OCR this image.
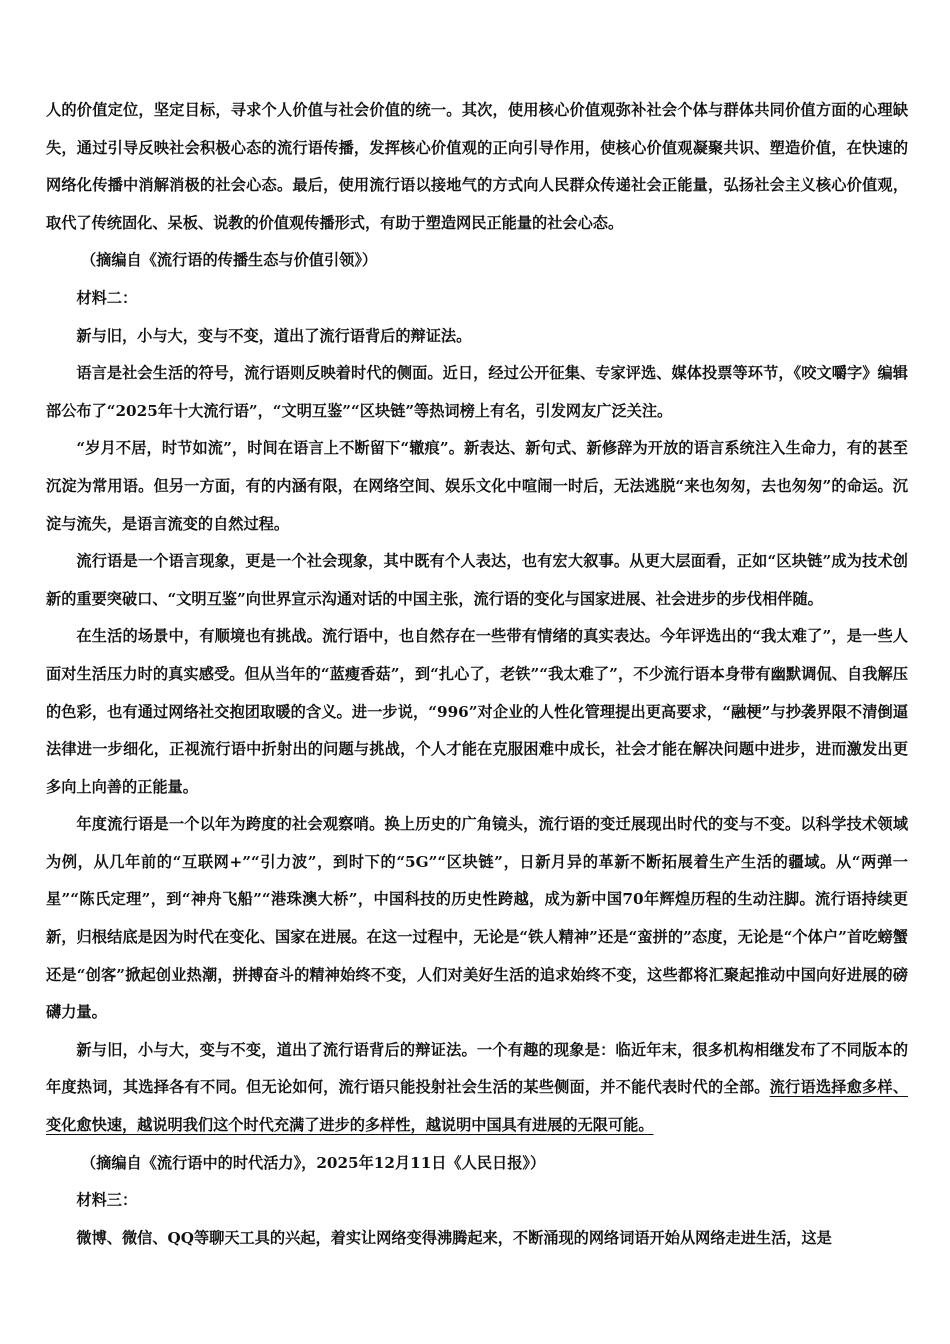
人的价值定位，坚定目标，寻求个人价值与社会价值的统一。其次，使用核心价值观弥补社会个体与群体共同价值方面的心理缺失，通过引导反映社会积极心态的流行语传播，发挥核心价值观的正向引导作用，使核心价值观凝聚共识、塑造价值，在快速的网络化传播中消解消极的社会心态。最后，使用流行语以接地气的方式向人民群众传递社会正能量，弘扬社会主义核心价值观，取代了传统固化、呆板、说教的价值观传播形式，有助于塑造网民正能量的社会心态。

（摘编自《流行语的传播生态与价值引领》）

材料二：

新与旧，小与大，变与不变，道出了流行语背后的辩证法。

语言是社会生活的符号，流行语则反映着时代的侧面。近日，经过公开征集、专家评选、媒体投票等环节，《咬文嚼字》编辑部公布了“2025年十大流行语”，“文明互鉴”“区块链”等热词榜上有名，引发网友广泛关注。

“岁月不居，时节如流”，时间在语言上不断留下“辙痕”。新表达、新句式、新修辞为开放的语言系统注入生命力，有的甚至沉淀为常用语。但另一方面，有的内涵有限，在网络空间、娱乐文化中喧闹一时后，无法逃脱“来也匆匆，去也匆匆”的命运。沉淀与流失，是语言流变的自然过程。

流行语是一个语言现象，更是一个社会现象，其中既有个人表达，也有宏大叙事。从更大层面看，正如“区块链”成为技术创新的重要突破口、“文明互鉴”向世界宣示沟通对话的中国主张，流行语的变化与国家进展、社会进步的步伐相伴随。

在生活的场景中，有顺境也有挑战。流行语中，也自然存在一些带有情绪的真实表达。今年评选出的“我太难了”，是一些人面对生活压力时的真实感受。但从当年的“蓝瘦香菇”，到“扎心了，老铁”“我太难了”，不少流行语本身带有幽默调侃、自我解压的色彩，也有通过网络社交抱团取暖的含义。进一步说，“996”对企业的人性化管理提出更高要求，“融梗”与抄袭界限不清倒逼法律进一步细化，正视流行语中折射出的问题与挑战，个人才能在克服困难中成长，社会才能在解决问题中进步，进而激发出更多向上向善的正能量。

年度流行语是一个以年为跨度的社会观察哨。换上历史的广角镜头，流行语的变迁展现出时代的变与不变。以科学技术领域为例，从几年前的“互联网+”“引力波”，到时下的“5G”“区块链”，日新月异的革新不断拓展着生产生活的疆域。从“两弹一星”“陈氏定理”，到“神舟飞船”“港珠澳大桥”，中国科技的历史性跨越，成为新中国70年辉煌历程的生动注脚。流行语持续更新，归根结底是因为时代在变化、国家在进展。在这一过程中，无论是“铁人精神”还是“蛮拼的”态度，无论是“个体户”首吃螃蟹还是“创客”掀起创业热潮，拼搏奋斗的精神始终不变，人们对美好生活的追求始终不变，这些都将汇聚起推动中国向好进展的磅礴力量。

新与旧，小与大，变与不变，道出了流行语背后的辩证法。一个有趣的现象是：临近年末，很多机构相继发布了不同版本的年度热词，其选择各有不同。但无论如何，流行语只能投射社会生活的某些侧面，并不能代表时代的全部。流行语选择愈多样、变化愈快速，越说明我们这个时代充满了进步的多样性，越说明中国具有进展的无限可能。

（摘编自《流行语中的时代活力》，2025年12月11日《人民日报》）

材料三：

微博、微信、QQ等聊天工具的兴起，着实让网络变得沸腾起来，不断涌现的网络词语开始从网络走进生活，这是
